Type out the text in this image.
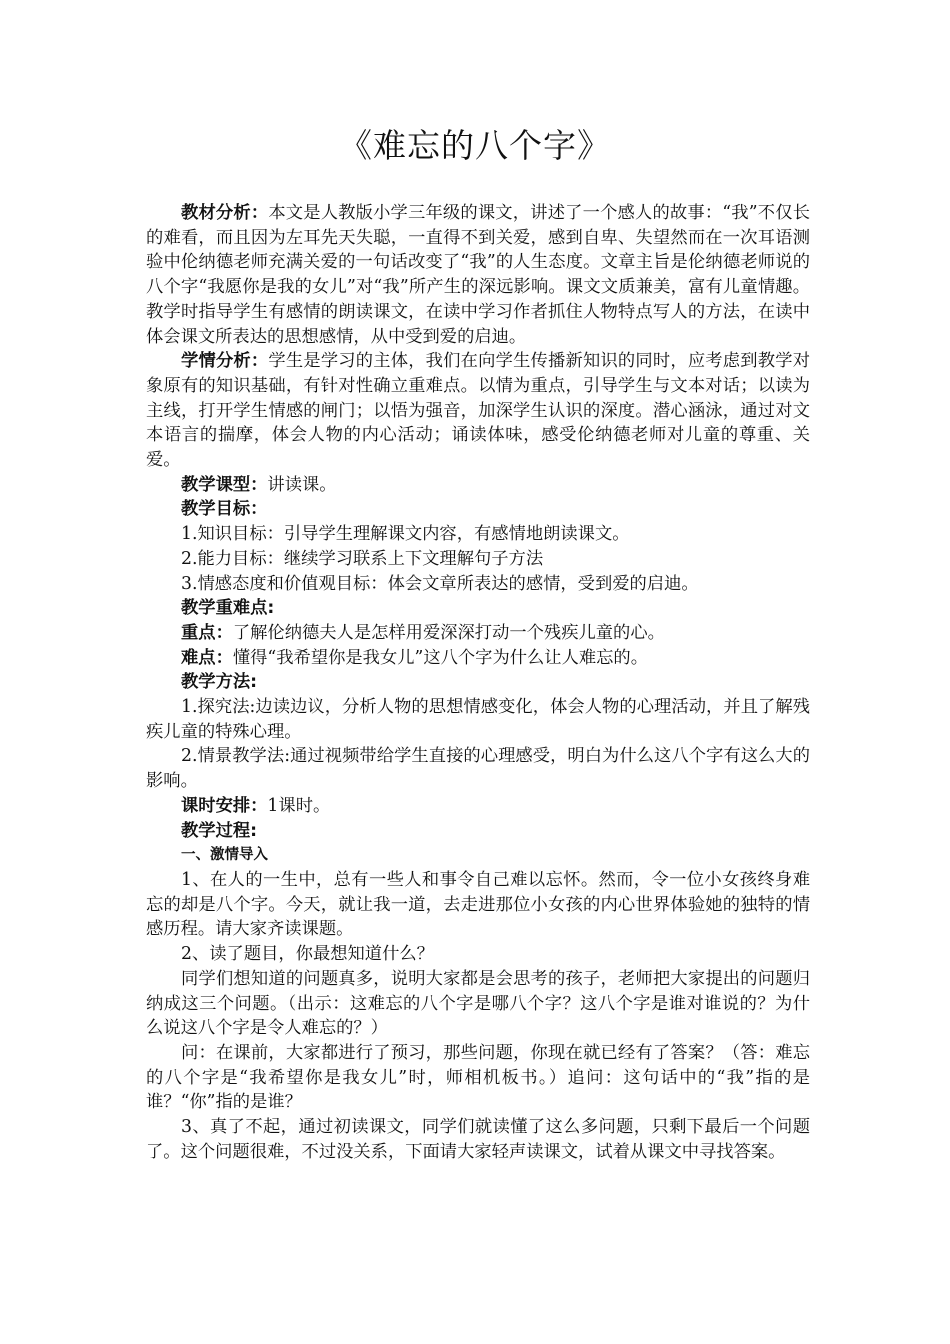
《难忘的八个字》

教材分析：本文是人教版小学三年级的课文，讲述了一个感人的故事：“我”不仅长的难看，而且因为左耳先天失聪，一直得不到关爱，感到自卑、失望然而在一次耳语测验中伦纳德老师充满关爱的一句话改变了“我”的人生态度。文章主旨是伦纳德老师说的八个字“我愿你是我的女儿”对“我”所产生的深远影响。课文文质兼美，富有儿童情趣。教学时指导学生有感情的朗读课文，在读中学习作者抓住人物特点写人的方法，在读中体会课文所表达的思想感情，从中受到爱的启迪。

学情分析：学生是学习的主体，我们在向学生传播新知识的同时，应考虑到教学对象原有的知识基础，有针对性确立重难点。以情为重点，引导学生与文本对话；以读为主线，打开学生情感的闸门；以悟为强音，加深学生认识的深度。潜心涵泳，通过对文本语言的揣摩，体会人物的内心活动；诵读体味，感受伦纳德老师对儿童的尊重、关爱。

教学课型：讲读课。

教学目标：

1.知识目标：引导学生理解课文内容，有感情地朗读课文。

2.能力目标：继续学习联系上下文理解句子方法

3.情感态度和价值观目标：体会文章所表达的感情，受到爱的启迪。

教学重难点:

重点：了解伦纳德夫人是怎样用爱深深打动一个残疾儿童的心。

难点：懂得“我希望你是我女儿”这八个字为什么让人难忘的。

教学方法:

1.探究法:边读边议，分析人物的思想情感变化，体会人物的心理活动，并且了解残疾儿童的特殊心理。

2.情景教学法:通过视频带给学生直接的心理感受，明白为什么这八个字有这么大的影响。

课时安排：1课时。

教学过程:

一、激情导入

1、在人的一生中，总有一些人和事令自己难以忘怀。然而，令一位小女孩终身难忘的却是八个字。今天，就让我一道，去走进那位小女孩的内心世界体验她的独特的情感历程。请大家齐读课题。

2、读了题目，你最想知道什么？

同学们想知道的问题真多，说明大家都是会思考的孩子，老师把大家提出的问题归纳成这三个问题。（出示：这难忘的八个字是哪八个字？这八个字是谁对谁说的？为什么说这八个字是令人难忘的？）

问：在课前，大家都进行了预习，那些问题，你现在就已经有了答案？（答：难忘的八个字是“我希望你是我女儿”时，师相机板书。）追问：这句话中的“我”指的是谁？“你”指的是谁？

3、真了不起，通过初读课文，同学们就读懂了这么多问题，只剩下最后一个问题了。这个问题很难，不过没关系，下面请大家轻声读课文，试着从课文中寻找答案。
